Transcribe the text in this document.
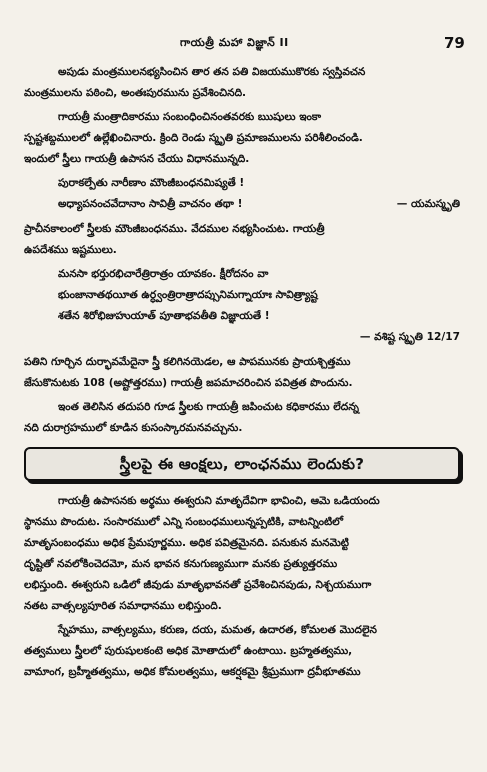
గాయత్రీ మహా విజ్ఞాన్ II	79
అపుడు మంత్రములనభ్యసించిన తార తన పతి విజయముకొరకు స్వస్తివచన
మంత్రములను పఠించి, అంతఃపురమును ప్రవేశించినది.
గాయత్రీ మంత్రాదికారము సంబంధించినంతవరకు ఋషులు ఇంకా
స్పష్టశబ్దములలో ఉల్లేఖించినారు. క్రింది రెండు స్మృతి ప్రమాణములను పరిశీలించండి.
ఇందులో స్త్రీలు గాయత్రీ ఉపాసన చేయు విధానమున్నది.
పురాకల్పేతు నారీణాం మౌంజీబంధనమిష్యతే !
అధ్యాపనంచవేదానాం సావిత్రీ వాచనం తథా !	— యమస్మృతి
ప్రాచీనకాలంలో స్త్రీలకు మౌంజీబంధనము. వేదముల నభ్యసించుట. గాయత్రీ
ఉపదేశము ఇష్టములు.
మనసా భర్తురభిచారేత్రిరాత్రం యావకం. క్షీరోదనం వా
భుంజానాతథయీత ఉర్ధ్వంత్రిరాత్రాదప్సునిమగ్నాయాః సావిత్ర్యాష్ట
శతేన శిరోభిజుహుయాత్ పూతాభవతీతి విజ్ఞాయతే !
— వశిష్ట స్మృతి 12/17
పతిని గూర్చిన దుర్భావమేదైనా స్త్రీ కలిగినయెడల, ఆ పాపమునకు ప్రాయశ్చిత్తము
జేసుకొనుటకు 108 (అష్టోత్తరము) గాయత్రీ జపమాచరించిన పవిత్రత పొందును.
ఇంత తెలిసిన తదుపరి గూడ స్త్రీలకు గాయత్రీ జపించుట కధికారము లేదన్న
నది దురాగ్రహములో కూడిన కుసంస్కారమనవచ్చును.
స్త్రీలపై ఈ ఆంక్షలు, లాంఛనము లెందుకు?
గాయత్రీ ఉపాసనకు అర్థము ఈశ్వరుని మాతృదేవిగా భావించి, ఆమె ఒడియందు
స్థానము పొందుట. సంసారములో ఎన్ని సంబంధములున్నప్పటికి, వాటన్నింటిలో
మాతృసంబంధము అధిక ప్రేమపూర్ణము. అధిక పవిత్రమైనది. పనుకున మనమెట్టి
దృష్టితో నవలోకించెదమో, మన భావన కనుగుణ్యముగా మనకు ప్రత్యుత్తరము
లభిస్తుంది. ఈశ్వరుని ఒడిలో జీవుడు మాతృభావనతో ప్రవేశించినపుడు, నిశ్చయముగా
నతట వాత్సల్యపూరిత సమాధానము లభిస్తుంది.
స్నేహము, వాత్సల్యము, కరుణ, దయ, మమత, ఉదారత, కోమలత మొదలైన
తత్వములు స్త్రీలలో పురుషులకంటె అధిక మోతాదులో ఉంటాయి. బ్రహ్మతత్వము,
వామాంగ, బ్రహ్మీతత్వము, అధిక కోమలత్వము, ఆకర్షకమై శ్రీఘ్రముగా ద్రవీభూతము
